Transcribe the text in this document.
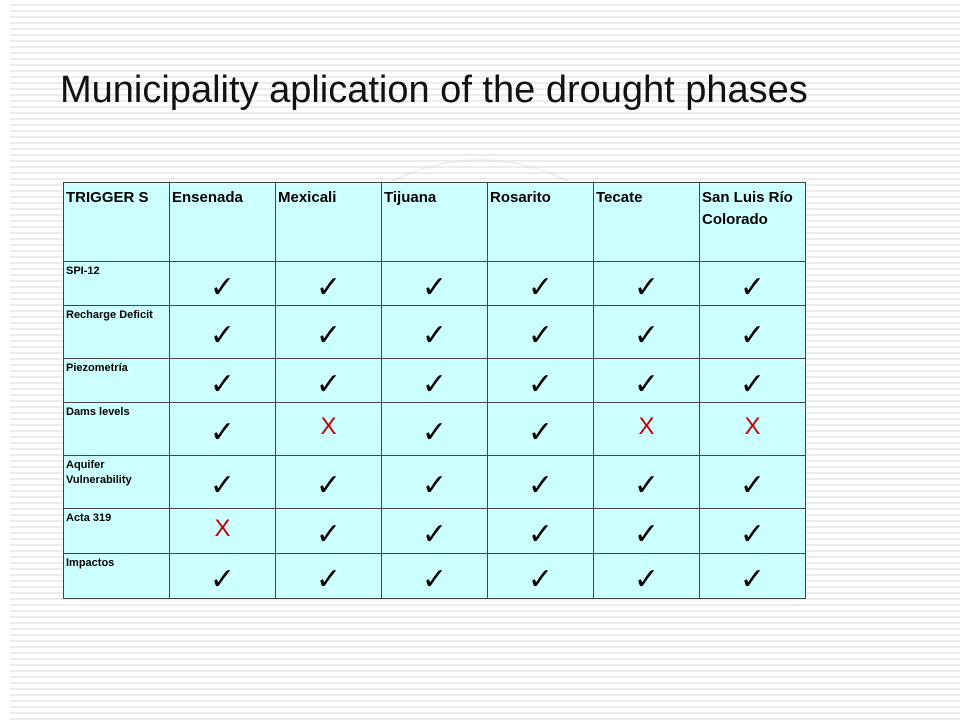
Municipality aplication of the drought phases
TRIGGER S	Ensenada	Mexicali	Tijuana	Rosarito	Tecate	San Luis Río Colorado
SPI-12	✓	✓	✓	✓	✓	✓
Recharge Deficit	✓	✓	✓	✓	✓	✓
Piezometría	✓	✓	✓	✓	✓	✓
Dams levels	✓	X	✓	✓	X	X
Aquifer Vulnerability	✓	✓	✓	✓	✓	✓
Acta 319	X	✓	✓	✓	✓	✓
Impactos	✓	✓	✓	✓	✓	✓
